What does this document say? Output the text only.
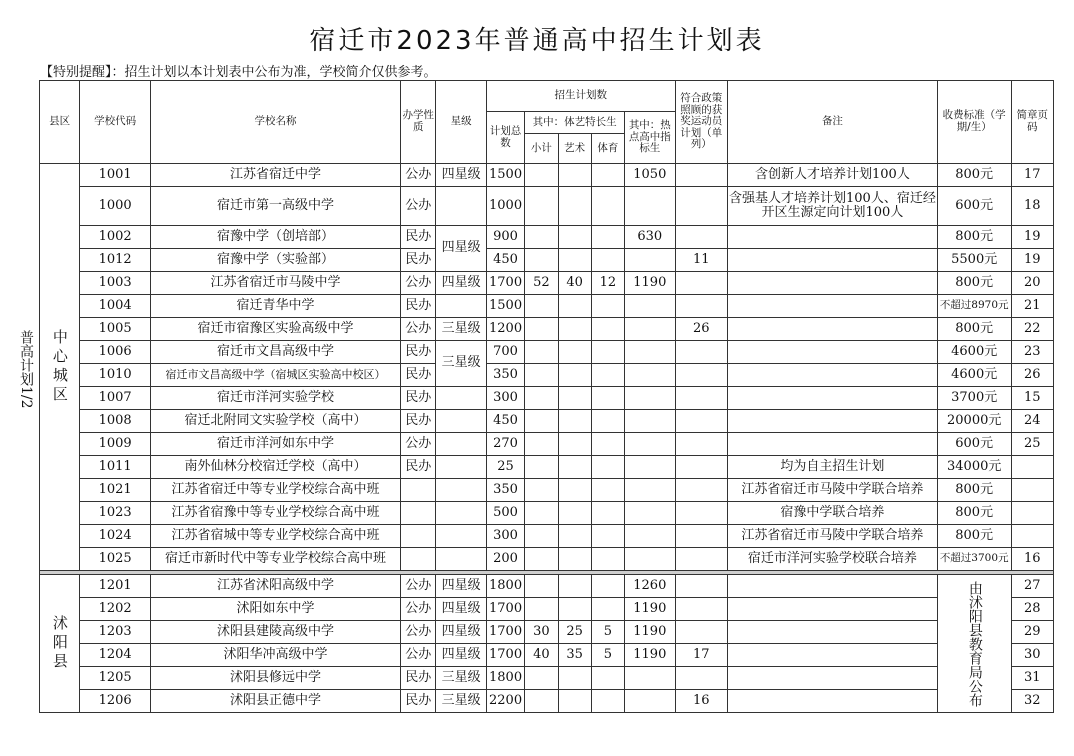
宿迁市2023年普通高中招生计划表
【特别提醒】：招生计划以本计划表中公布为准，学校简介仅供参考。
普高计划1/2
县区	学校代码	学校名称	办学性质	星级	招生计划数					符合政策照顾的获奖运动员计划（单列）	备注	收费标准（学期/生）	简章页码
					计划总数	其中：体艺特长生			其中：热点高中指标生				
						小计	艺术	体育					
中心城区	1001	江苏省宿迁中学	公办	四星级	1500				1050		含创新人才培养计划100人	800元	17
	1000	宿迁市第一高级中学	公办		1000						含强基人才培养计划100人、宿迁经开区生源定向计划100人	600元	18
	1002	宿豫中学（创培部）	民办	四星级	900				630			800元	19
	1012	宿豫中学（实验部）	民办		450					11		5500元	19
	1003	江苏省宿迁市马陵中学	公办	四星级	1700	52	40	12	1190			800元	20
	1004	宿迁青华中学	民办		1500							不超过8970元	21
	1005	宿迁市宿豫区实验高级中学	公办	三星级	1200					26		800元	22
	1006	宿迁市文昌高级中学	民办	三星级	700							4600元	23
	1010	宿迁市文昌高级中学（宿城区实验高中校区）	民办		350							4600元	26
	1007	宿迁市洋河实验学校	民办		300							3700元	15
	1008	宿迁北附同文实验学校（高中）	民办		450							20000元	24
	1009	宿迁市洋河如东中学	公办		270							600元	25
	1011	南外仙林分校宿迁学校（高中）	民办		25						均为自主招生计划	34000元	
	1021	江苏省宿迁中等专业学校综合高中班			350						江苏省宿迁市马陵中学联合培养	800元	
	1023	江苏省宿豫中等专业学校综合高中班			500						宿豫中学联合培养	800元	
	1024	江苏省宿城中等专业学校综合高中班			300						江苏省宿迁市马陵中学联合培养	800元	
	1025	宿迁市新时代中等专业学校综合高中班			200						宿迁市洋河实验学校联合培养	不超过3700元	16

沭阳县	1201	江苏省沭阳高级中学	公办	四星级	1800				1260			由沭阳县教育局公布	27
	1202	沭阳如东中学	公办	四星级	1700				1190				28
	1203	沭阳县建陵高级中学	公办	四星级	1700	30	25	5	1190				29
	1204	沭阳华冲高级中学	公办	四星级	1700	40	35	5	1190	17			30
	1205	沭阳县修远中学	民办	三星级	1800								31
	1206	沭阳县正德中学	民办	三星级	2200					16			32
